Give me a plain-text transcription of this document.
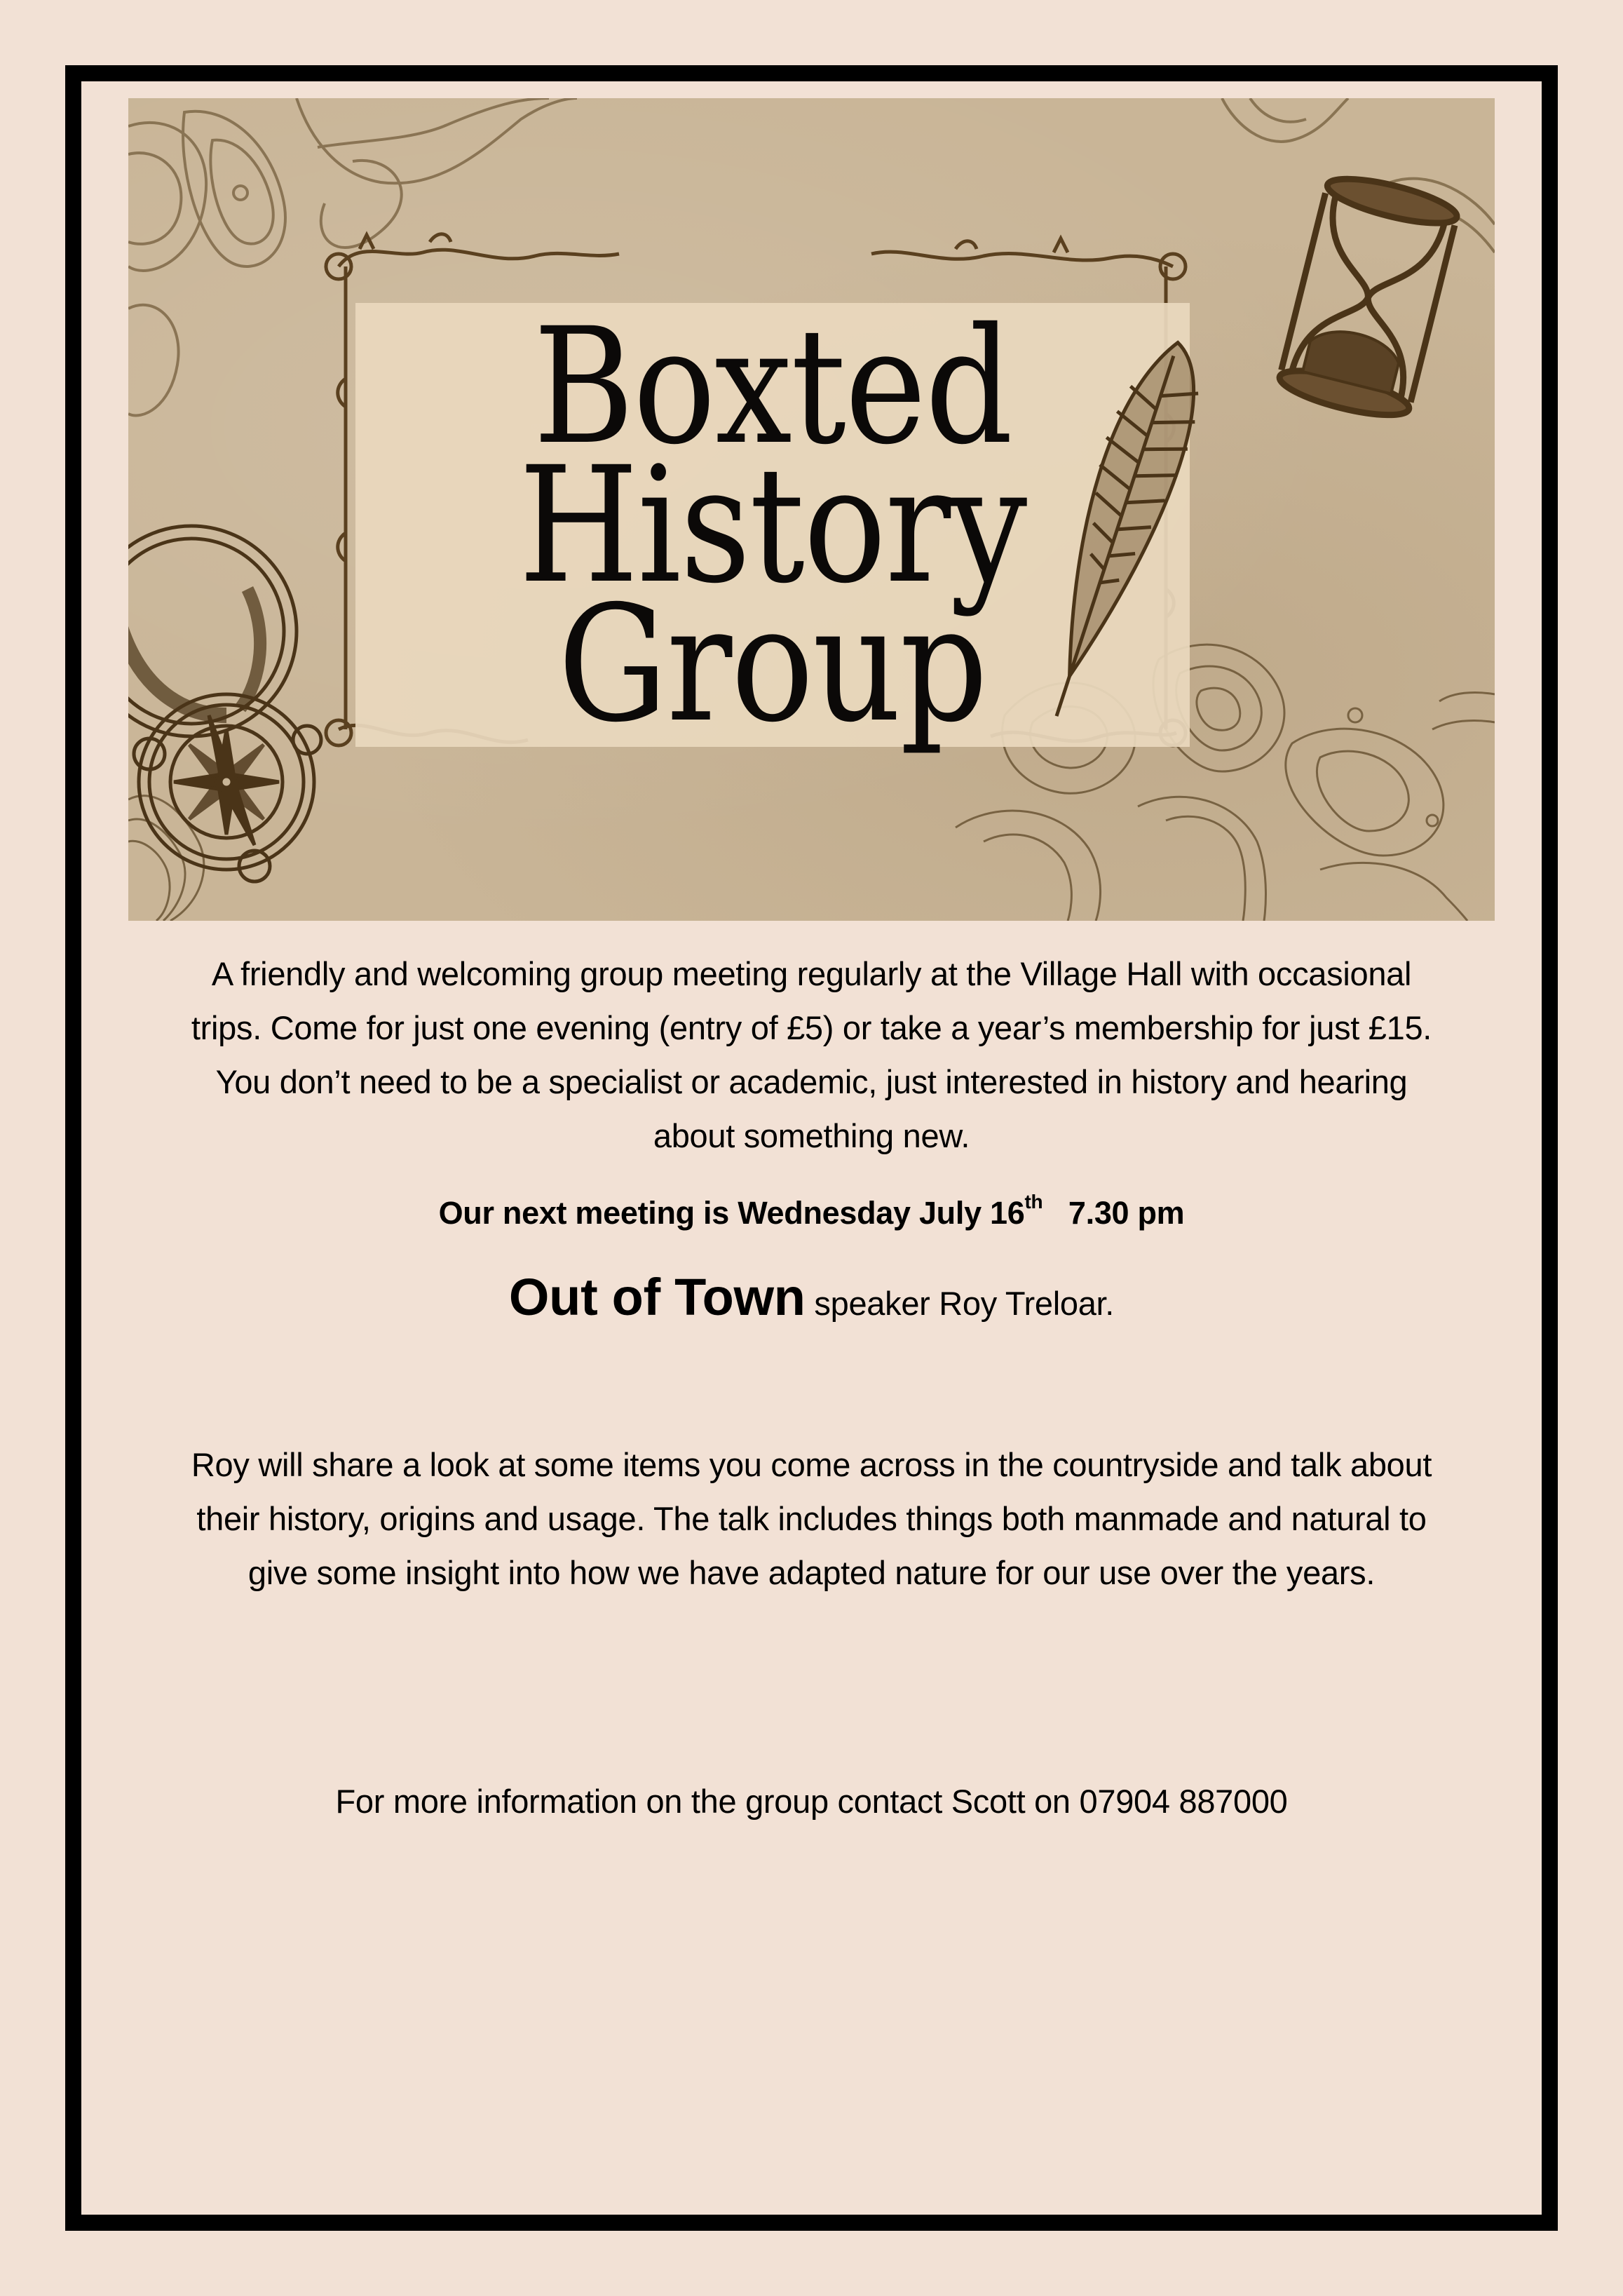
Boxted
History
Group
A friendly and welcoming group meeting regularly at the Village Hall with occasional
trips. Come for just one evening (entry of £5) or take a year’s membership for just £15.
You don’t need to be a specialist or academic, just interested in history and hearing
about something new.
Our next meeting is Wednesday July 16th 7.30 pm
Out of Town speaker Roy Treloar.
Roy will share a look at some items you come across in the countryside and talk about
their history, origins and usage. The talk includes things both manmade and natural to
give some insight into how we have adapted nature for our use over the years.
For more information on the group contact Scott on 07904 887000
